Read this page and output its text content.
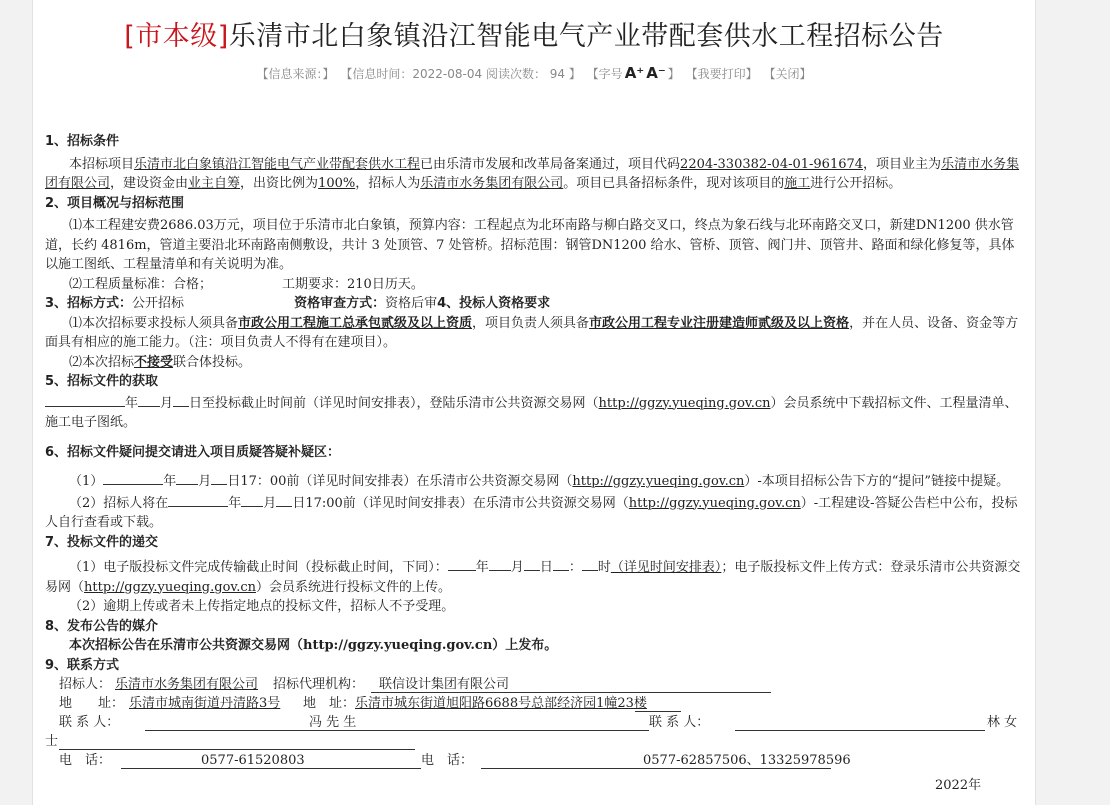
[市本级]乐清市北白象镇沿江智能电气产业带配套供水工程招标公告
【信息来源：】 【信息时间：2022-08-04 阅读次数： 94 】 【字号 A⁺ A⁻ 】 【我要打印】 【关闭】

1、招标条件

本招标项目乐清市北白象镇沿江智能电气产业带配套供水工程已由乐清市发展和改革局备案通过，项目代码2204-330382-04-01-961674，项目业主为乐清市水务集团有限公司，建设资金由业主自筹，出资比例为100%，招标人为乐清市水务集团有限公司。项目已具备招标条件，现对该项目的施工进行公开招标。

2、项目概况与招标范围

⑴本工程建安费2686.03万元，项目位于乐清市北白象镇，预算内容：工程起点为北环南路与柳白路交叉口，终点为象石线与北环南路交叉口，新建DN1200 供水管道，长约 4816m，管道主要沿北环南路南侧敷设，共计 3 处顶管、7 处管桥。招标范围：钢管DN1200 给水、管桥、顶管、阀门井、顶管井、路面和绿化修复等，具体以施工图纸、工程量清单和有关说明为准。

⑵工程质量标准：合格；	工期要求：210日历天。

3、招标方式：公开招标	资格审查方式：资格后审4、投标人资格要求

⑴本次招标要求投标人须具备市政公用工程施工总承包贰级及以上资质，项目负责人须具备市政公用工程专业注册建造师贰级及以上资格，并在人员、设备、资金等方面具有相应的施工能力。（注：项目负责人不得有在建项目）。

⑵本次招标不接受联合体投标。

5、招标文件的获取

年 月 日至投标截止时间前（详见时间安排表），登陆乐清市公共资源交易网（http://ggzy.yueqing.gov.cn）会员系统中下载招标文件、工程量清单、施工电子图纸。

6、招标文件疑问提交请进入项目质疑答疑补疑区：

（1）	年 月 日17：00前（详见时间安排表）在乐清市公共资源交易网（http://ggzy.yueqing.gov.cn）-本项目招标公告下方的“提问”链接中提疑。

（2）招标人将在	年 月 日17:00前（详见时间安排表）在乐清市公共资源交易网（http://ggzy.yueqing.gov.cn）-工程建设-答疑公告栏中公布，投标人自行查看或下载。

7、投标文件的递交

（1）电子版投标文件完成传输截止时间（投标截止时间，下同）： 年 月 日 ： 时（详见时间安排表）；电子版投标文件上传方式：登录乐清市公共资源交易网（http://ggzy.yueqing.gov.cn）会员系统进行投标文件的上传。

（2）逾期上传或者未上传指定地点的投标文件，招标人不予受理。

8、发布公告的媒介

本次招标公告在乐清市公共资源交易网（http://ggzy.yueqing.gov.cn）上发布。

9、联系方式

招标人： 乐清市水务集团有限公司 招标代理机构： 联信设计集团有限公司
地　　址： 乐清市城南街道丹清路3号 地　址： 乐清市城东街道旭阳路6688号总部经济园1幢23楼
联 系 人：	冯 先 生	联 系 人：	林 女
士
电　话：	0577-61520803	电　话：	0577-62857506、13325978596
2022年
